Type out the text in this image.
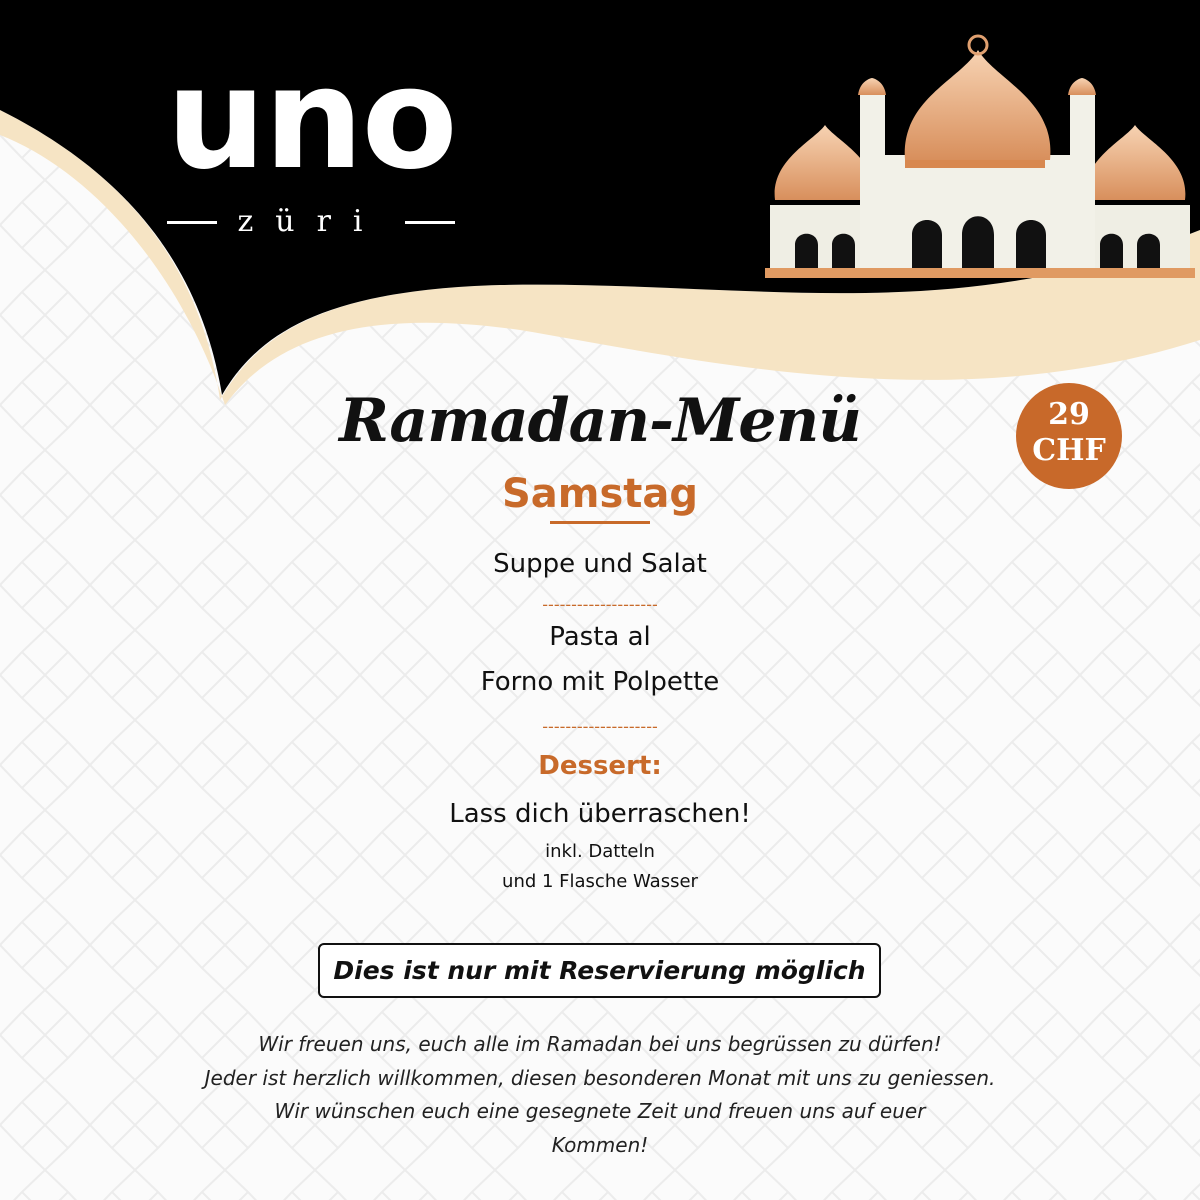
uno
züri
Ramadan-Menü
Samstag
29
CHF
Suppe und Salat
--------------------
Pasta al
Forno mit Polpette
--------------------
Dessert:
Lass dich überraschen!
inkl. Datteln
und 1 Flasche Wasser
Dies ist nur mit Reservierung möglich
Wir freuen uns, euch alle im Ramadan bei uns begrüssen zu dürfen!
Jeder ist herzlich willkommen, diesen besonderen Monat mit uns zu geniessen.
Wir wünschen euch eine gesegnete Zeit und freuen uns auf euer
Kommen!
